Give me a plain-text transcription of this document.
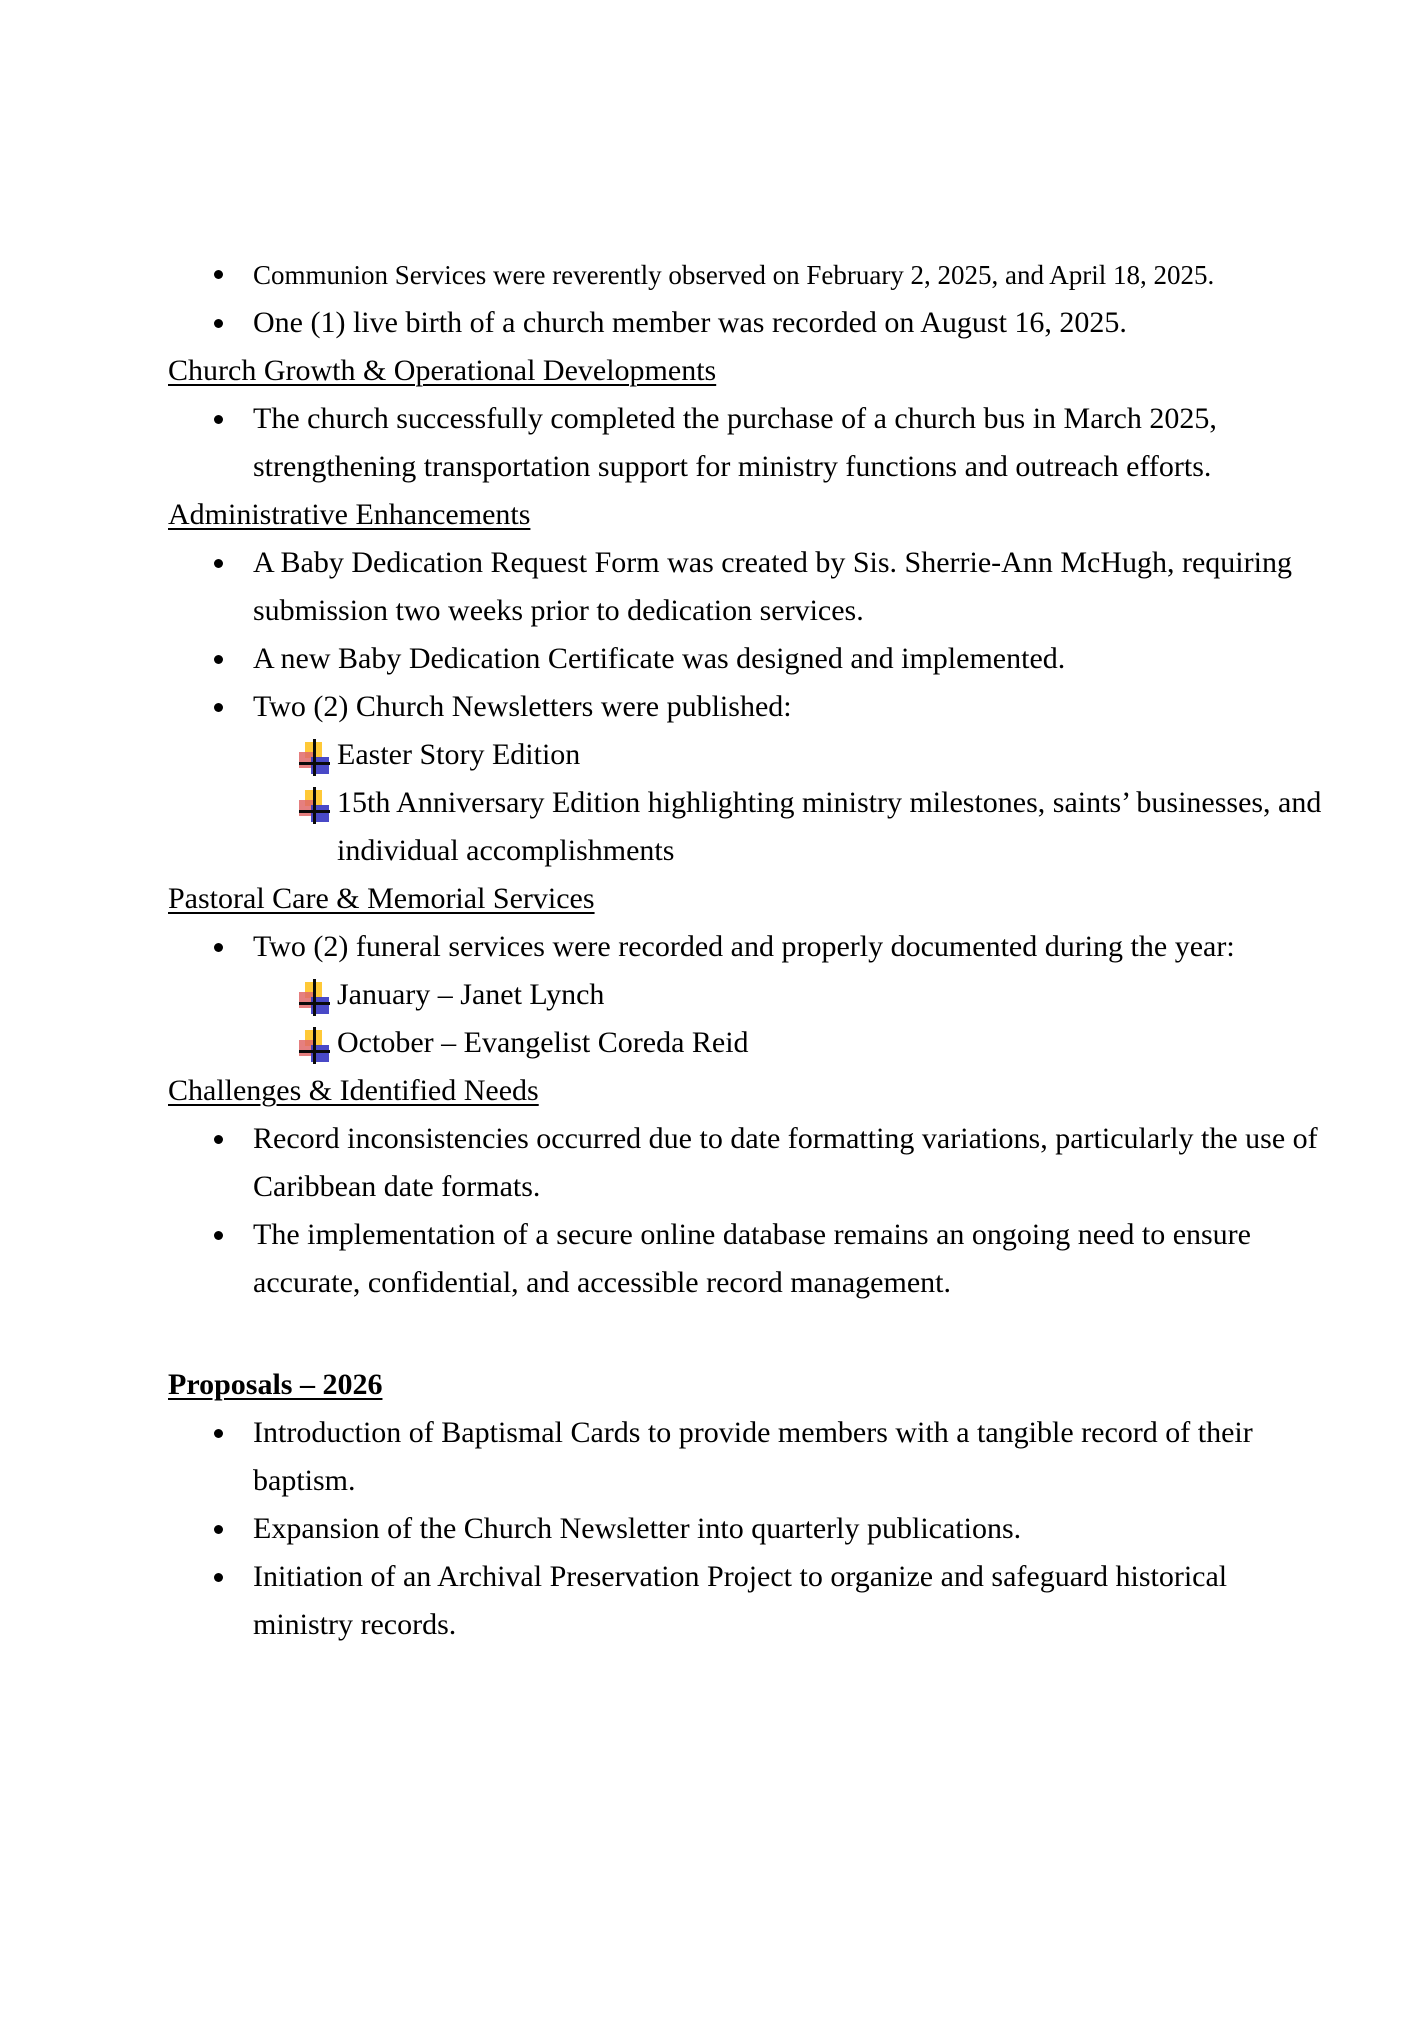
Communion Services were reverently observed on February 2, 2025, and April 18, 2025.
One (1) live birth of a church member was recorded on August 16, 2025.
Church Growth & Operational Developments
The church successfully completed the purchase of a church bus in March 2025,
strengthening transportation support for ministry functions and outreach efforts.
Administrative Enhancements
A Baby Dedication Request Form was created by Sis. Sherrie-Ann McHugh, requiring
submission two weeks prior to dedication services.
A new Baby Dedication Certificate was designed and implemented.
Two (2) Church Newsletters were published:
Easter Story Edition
15th Anniversary Edition highlighting ministry milestones, saints’ businesses, and
individual accomplishments
Pastoral Care & Memorial Services
Two (2) funeral services were recorded and properly documented during the year:
January – Janet Lynch
October – Evangelist Coreda Reid
Challenges & Identified Needs
Record inconsistencies occurred due to date formatting variations, particularly the use of
Caribbean date formats.
The implementation of a secure online database remains an ongoing need to ensure
accurate, confidential, and accessible record management.
Proposals – 2026
Introduction of Baptismal Cards to provide members with a tangible record of their
baptism.
Expansion of the Church Newsletter into quarterly publications.
Initiation of an Archival Preservation Project to organize and safeguard historical
ministry records.
